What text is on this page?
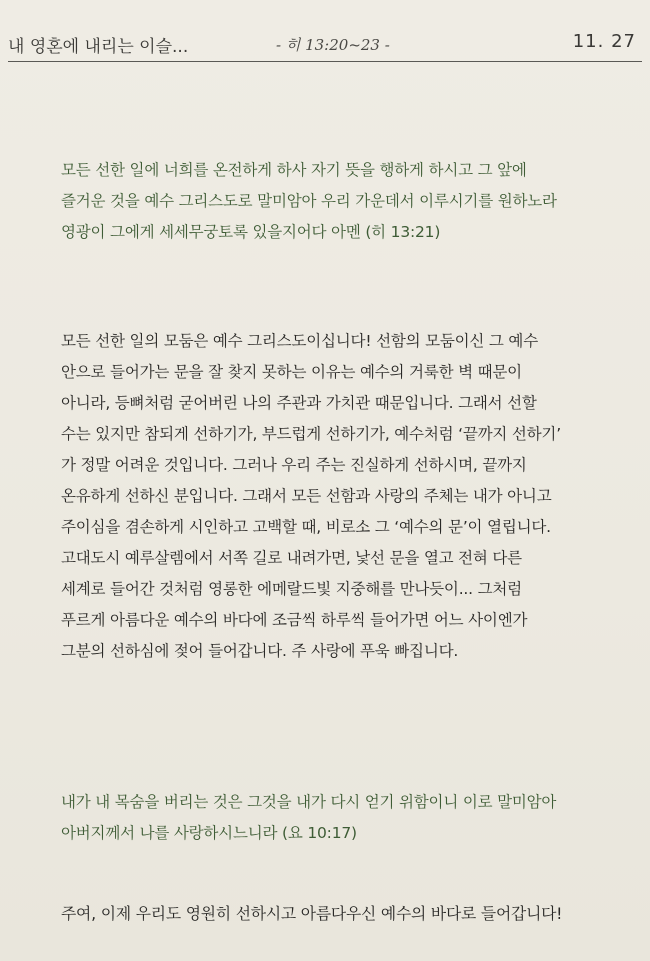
내 영혼에 내리는 이슬...	- 히 13:20~23 -	11. 27
모든 선한 일에 너희를 온전하게 하사 자기 뜻을 행하게 하시고 그 앞에
즐거운 것을 예수 그리스도로 말미암아 우리 가운데서 이루시기를 원하노라
영광이 그에게 세세무궁토록 있을지어다 아멘 (히 13:21)
모든 선한 일의 모둠은 예수 그리스도이십니다! 선함의 모둠이신 그 예수
안으로 들어가는 문을 잘 찾지 못하는 이유는 예수의 거룩한 벽 때문이
아니라, 등뼈처럼 굳어버린 나의 주관과 가치관 때문입니다. 그래서 선할
수는 있지만 참되게 선하기가, 부드럽게 선하기가, 예수처럼 ‘끝까지 선하기’
가 정말 어려운 것입니다. 그러나 우리 주는 진실하게 선하시며, 끝까지
온유하게 선하신 분입니다. 그래서 모든 선함과 사랑의 주체는 내가 아니고
주이심을 겸손하게 시인하고 고백할 때, 비로소 그 ‘예수의 문’이 열립니다.
고대도시 예루살렘에서 서쪽 길로 내려가면, 낯선 문을 열고 전혀 다른
세계로 들어간 것처럼 영롱한 에메랄드빛 지중해를 만나듯이... 그처럼
푸르게 아름다운 예수의 바다에 조금씩 하루씩 들어가면 어느 사이엔가
그분의 선하심에 젖어 들어갑니다. 주 사랑에 푸욱 빠집니다.
내가 내 목숨을 버리는 것은 그것을 내가 다시 얻기 위함이니 이로 말미암아
아버지께서 나를 사랑하시느니라 (요 10:17)
주여, 이제 우리도 영원히 선하시고 아름다우신 예수의 바다로 들어갑니다!
